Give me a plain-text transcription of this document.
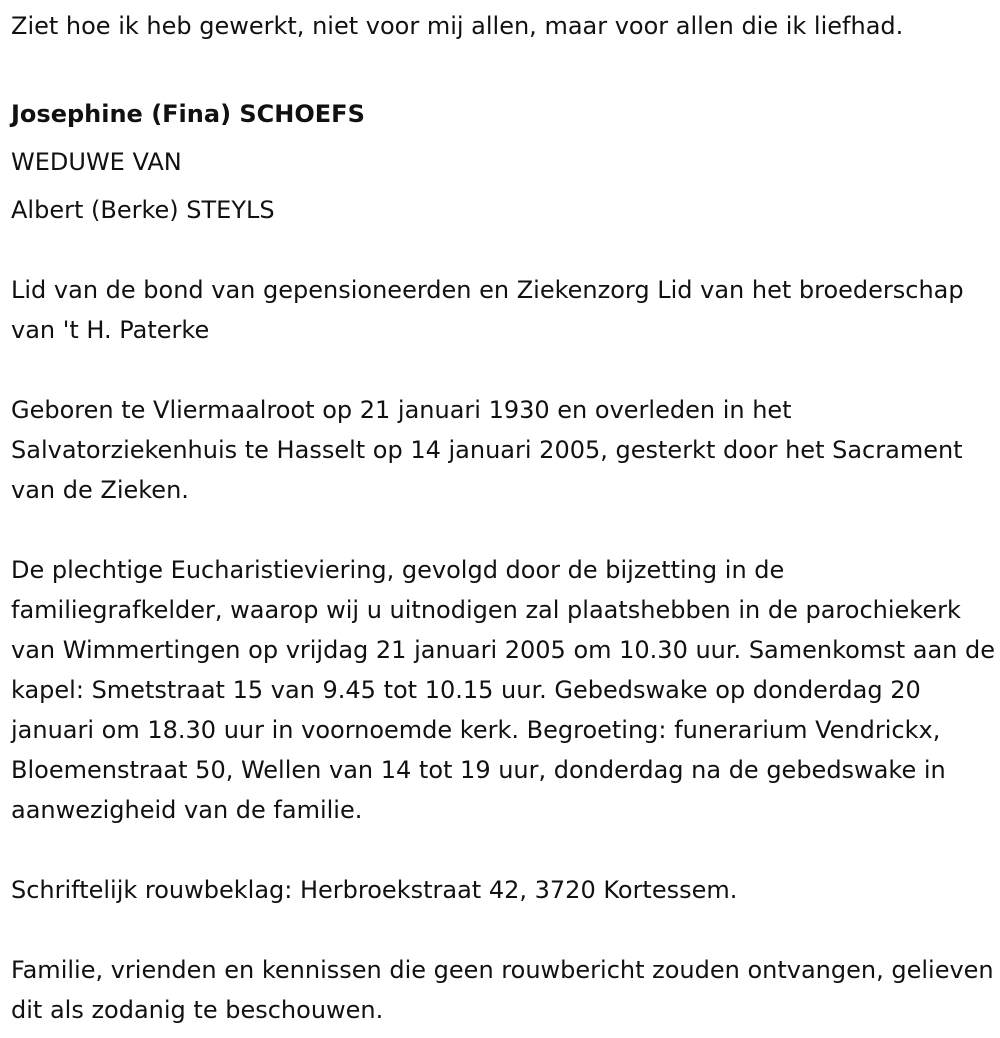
Ziet hoe ik heb gewerkt, niet voor mij allen, maar voor allen die ik liefhad.

Josephine (Fina) SCHOEFS

WEDUWE VAN

Albert (Berke) STEYLS

Lid van de bond van gepensioneerden en Ziekenzorg Lid van het broederschap van 't H. Paterke

Geboren te Vliermaalroot op 21 januari 1930 en overleden in het Salvatorziekenhuis te Hasselt op 14 januari 2005, gesterkt door het Sacrament van de Zieken.

De plechtige Eucharistieviering, gevolgd door de bijzetting in de familiegrafkelder, waarop wij u uitnodigen zal plaatshebben in de parochiekerk van Wimmertingen op vrijdag 21 januari 2005 om 10.30 uur. Samenkomst aan de kapel: Smetstraat 15 van 9.45 tot 10.15 uur. Gebedswake op donderdag 20 januari om 18.30 uur in voornoemde kerk. Begroeting: funerarium Vendrickx, Bloemenstraat 50, Wellen van 14 tot 19 uur, donderdag na de gebedswake in aanwezigheid van de familie.

Schriftelijk rouwbeklag: Herbroekstraat 42, 3720 Kortessem.

Familie, vrienden en kennissen die geen rouwbericht zouden ontvangen, gelieven dit als zodanig te beschouwen.
